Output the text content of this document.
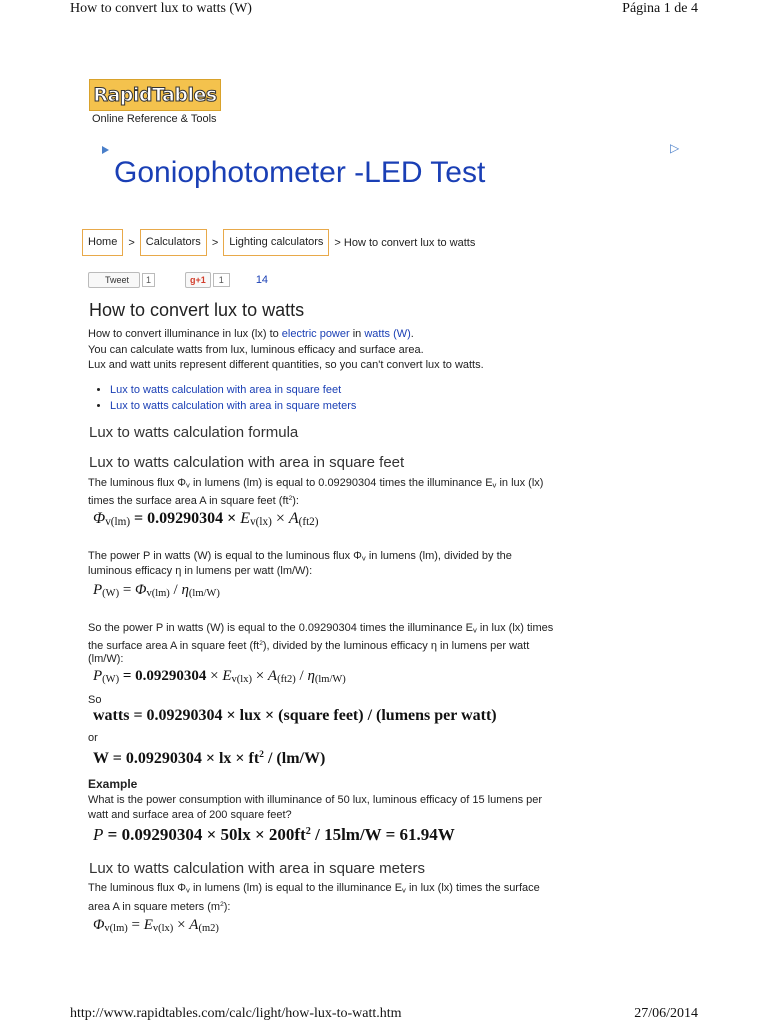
How to convert lux to watts (W)	Página 1 de 4
RapidTables
Online Reference & Tools
▷
Goniophotometer -LED Test
Home	>	Calculators	>	Lighting calculators	> How to convert lux to watts
Tweet	1	g+1	1	14
How to convert lux to watts
How to convert illuminance in lux (lx) to electric power in watts (W).
You can calculate watts from lux, luminous efficacy and surface area.
Lux and watt units represent different quantities, so you can't convert lux to watts.
• Lux to watts calculation with area in square feet
• Lux to watts calculation with area in square meters
Lux to watts calculation formula
Lux to watts calculation with area in square feet
The luminous flux $\Phi_v$ in lumens (lm) is equal to 0.09290304 times the illuminance $E_v$ in lux (lx)
times the surface area A in square feet $(ft^2)$:
$\Phi_{v(lm)} = 0.09290304 \times E_{v(lx)} \times A_{(ft2)}$
The power P in watts (W) is equal to the luminous flux $\Phi_v$ in lumens (lm), divided by the
luminous efficacy η in lumens per watt (lm/W):
$P_{(W)} = \Phi_{v(lm)} / \eta_{(lm/W)}$
So the power P in watts (W) is equal to the 0.09290304 times the illuminance $E_v$ in lux (lx) times
the surface area A in square feet $(ft^2)$, divided by the luminous efficacy η in lumens per watt
(lm/W):
$P_{(W)} = 0.09290304 \times E_{v(lx)} \times A_{(ft2)} / \eta_{(lm/W)}$
So
watts = 0.09290304 × lux × (square feet) / (lumens per watt)
or
W = 0.09290304 × lx × $ft^2 / (lm/W)$
Example
What is the power consumption with illuminance of 50 lux, luminous efficacy of 15 lumens per
watt and surface area of 200 square feet?
$P = 0.09290304 \times 50lx \times 200ft^2 / 15lm/W = 61.94W$
Lux to watts calculation with area in square meters
The luminous flux $\Phi_v$ in lumens (lm) is equal to the illuminance $E_v$ in lux (lx) times the surface
area A in square meters $(m^2)$:
$\Phi_{v(lm)} = E_{v(lx)} \times A_{(m2)}$
http://www.rapidtables.com/calc/light/how-lux-to-watt.htm	27/06/2014
